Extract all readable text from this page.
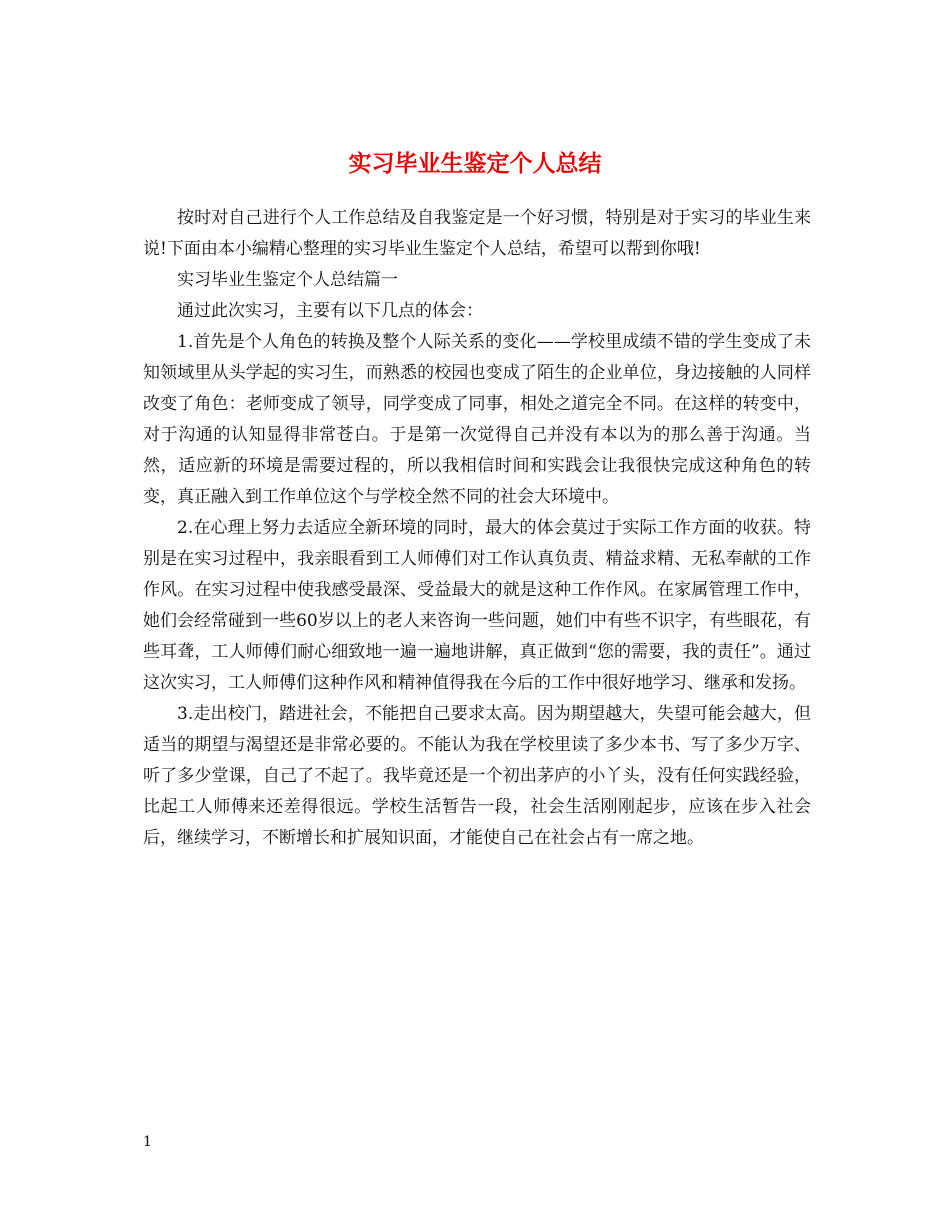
实习毕业生鉴定个人总结

按时对自己进行个人工作总结及自我鉴定是一个好习惯，特别是对于实习的毕业生来说!下面由本小编精心整理的实习毕业生鉴定个人总结，希望可以帮到你哦!

实习毕业生鉴定个人总结篇一

通过此次实习，主要有以下几点的体会：

1.首先是个人角色的转换及整个人际关系的变化——学校里成绩不错的学生变成了未知领域里从头学起的实习生，而熟悉的校园也变成了陌生的企业单位，身边接触的人同样改变了角色：老师变成了领导，同学变成了同事，相处之道完全不同。在这样的转变中，对于沟通的认知显得非常苍白。于是第一次觉得自己并没有本以为的那么善于沟通。当然，适应新的环境是需要过程的，所以我相信时间和实践会让我很快完成这种角色的转变，真正融入到工作单位这个与学校全然不同的社会大环境中。

2.在心理上努力去适应全新环境的同时，最大的体会莫过于实际工作方面的收获。特别是在实习过程中，我亲眼看到工人师傅们对工作认真负责、精益求精、无私奉献的工作作风。在实习过程中使我感受最深、受益最大的就是这种工作作风。在家属管理工作中，她们会经常碰到一些60岁以上的老人来咨询一些问题，她们中有些不识字，有些眼花，有些耳聋，工人师傅们耐心细致地一遍一遍地讲解，真正做到“您的需要，我的责任”。通过这次实习，工人师傅们这种作风和精神值得我在今后的工作中很好地学习、继承和发扬。

3.走出校门，踏进社会，不能把自己要求太高。因为期望越大，失望可能会越大，但适当的期望与渴望还是非常必要的。不能认为我在学校里读了多少本书、写了多少万字、听了多少堂课，自己了不起了。我毕竟还是一个初出茅庐的小丫头，没有任何实践经验，比起工人师傅来还差得很远。学校生活暂告一段，社会生活刚刚起步，应该在步入社会后，继续学习，不断增长和扩展知识面，才能使自己在社会占有一席之地。

1
